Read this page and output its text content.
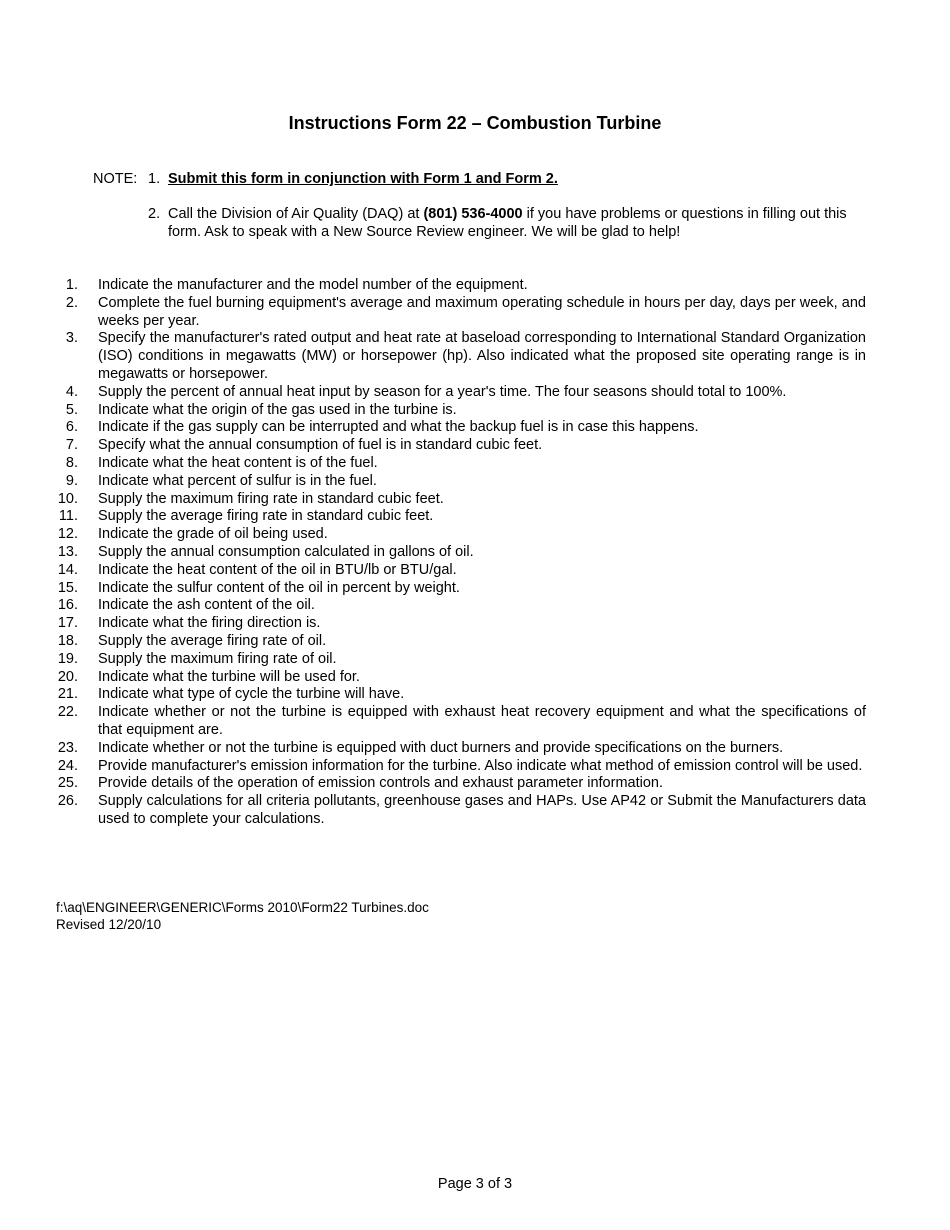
Instructions Form 22 – Combustion Turbine
NOTE: 1. Submit this form in conjunction with Form 1 and Form 2.
2. Call the Division of Air Quality (DAQ) at (801) 536-4000 if you have problems or questions in filling out this form. Ask to speak with a New Source Review engineer. We will be glad to help!
1.	Indicate the manufacturer and the model number of the equipment.
2.	Complete the fuel burning equipment's average and maximum operating schedule in hours per day, days per week, and weeks per year.
3.	Specify the manufacturer's rated output and heat rate at baseload corresponding to International Standard Organization (ISO) conditions in megawatts (MW) or horsepower (hp). Also indicated what the proposed site operating range is in megawatts or horsepower.
4.	Supply the percent of annual heat input by season for a year's time. The four seasons should total to 100%.
5.	Indicate what the origin of the gas used in the turbine is.
6.	Indicate if the gas supply can be interrupted and what the backup fuel is in case this happens.
7.	Specify what the annual consumption of fuel is in standard cubic feet.
8.	Indicate what the heat content is of the fuel.
9.	Indicate what percent of sulfur is in the fuel.
10.	Supply the maximum firing rate in standard cubic feet.
11.	Supply the average firing rate in standard cubic feet.
12.	Indicate the grade of oil being used.
13.	Supply the annual consumption calculated in gallons of oil.
14.	Indicate the heat content of the oil in BTU/lb or BTU/gal.
15.	Indicate the sulfur content of the oil in percent by weight.
16.	Indicate the ash content of the oil.
17.	Indicate what the firing direction is.
18.	Supply the average firing rate of oil.
19.	Supply the maximum firing rate of oil.
20.	Indicate what the turbine will be used for.
21.	Indicate what type of cycle the turbine will have.
22.	Indicate whether or not the turbine is equipped with exhaust heat recovery equipment and what the specifications of that equipment are.
23.	Indicate whether or not the turbine is equipped with duct burners and provide specifications on the burners.
24.	Provide manufacturer's emission information for the turbine. Also indicate what method of emission control will be used.
25.	Provide details of the operation of emission controls and exhaust parameter information.
26.	Supply calculations for all criteria pollutants, greenhouse gases and HAPs. Use AP42 or Submit the Manufacturers data used to complete your calculations.
f:\aq\ENGINEER\GENERIC\Forms 2010\Form22 Turbines.doc
Revised 12/20/10
Page 3 of 3
